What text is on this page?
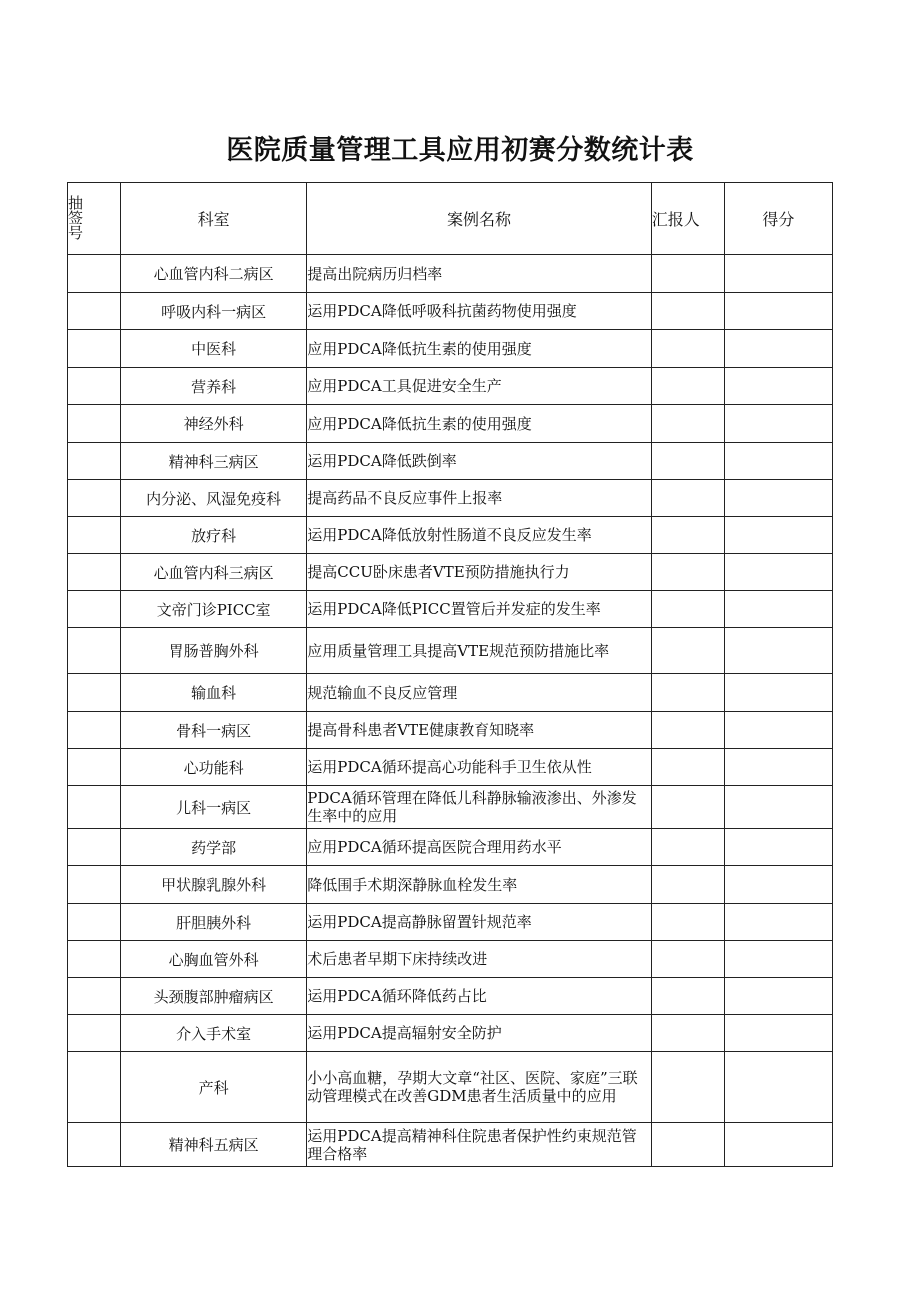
医院质量管理工具应用初赛分数统计表
抽签号	科室	案例名称	汇报人	得分
	心血管内科二病区	提高出院病历归档率		
	呼吸内科一病区	运用PDCA降低呼吸科抗菌药物使用强度		
	中医科	应用PDCA降低抗生素的使用强度		
	营养科	应用PDCA工具促进安全生产		
	神经外科	应用PDCA降低抗生素的使用强度		
	精神科三病区	运用PDCA降低跌倒率		
	内分泌、风湿免疫科	提高药品不良反应事件上报率		
	放疗科	运用PDCA降低放射性肠道不良反应发生率		
	心血管内科三病区	提高CCU卧床患者VTE预防措施执行力		
	文帝门诊PICC室	运用PDCA降低PICC置管后并发症的发生率		
	胃肠普胸外科	应用质量管理工具提高VTE规范预防措施比率		
	输血科	规范输血不良反应管理		
	骨科一病区	提高骨科患者VTE健康教育知晓率		
	心功能科	运用PDCA循环提高心功能科手卫生依从性		
	儿科一病区	PDCA循环管理在降低儿科静脉输液渗出、外渗发生率中的应用		
	药学部	应用PDCA循环提高医院合理用药水平		
	甲状腺乳腺外科	降低围手术期深静脉血栓发生率		
	肝胆胰外科	运用PDCA提高静脉留置针规范率		
	心胸血管外科	术后患者早期下床持续改进		
	头颈腹部肿瘤病区	运用PDCA循环降低药占比		
	介入手术室	运用PDCA提高辐射安全防护		
	产科	小小高血糖，孕期大文章“社区、医院、家庭”三联动管理模式在改善GDM患者生活质量中的应用		
	精神科五病区	运用PDCA提高精神科住院患者保护性约束规范管理合格率		
